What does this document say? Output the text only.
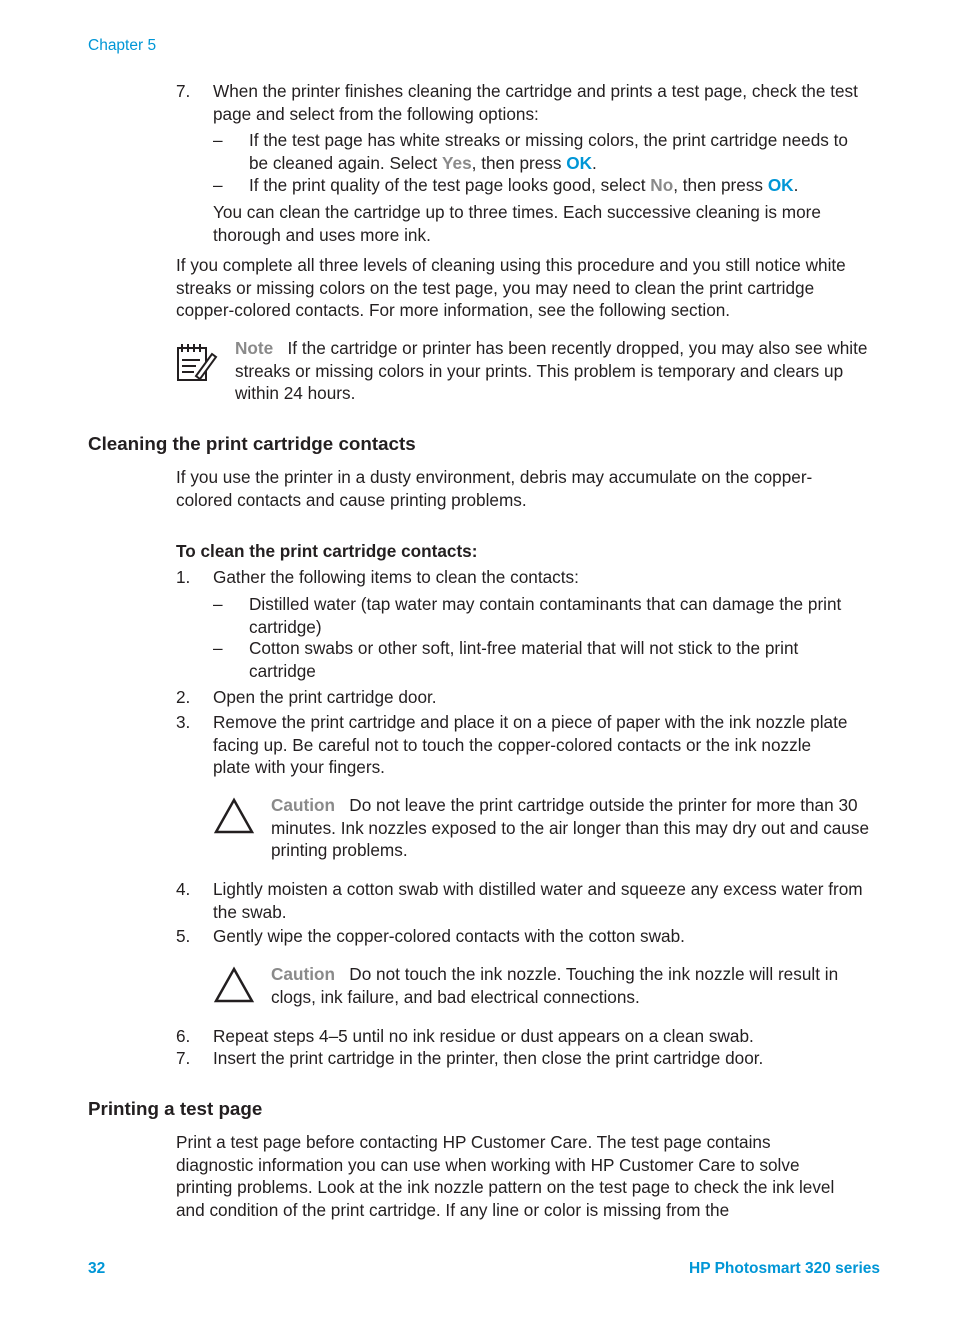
Chapter 5
7. When the printer finishes cleaning the cartridge and prints a test page, check the test page and select from the following options:
– If the test page has white streaks or missing colors, the print cartridge needs to be cleaned again. Select Yes, then press OK.
– If the print quality of the test page looks good, select No, then press OK.
You can clean the cartridge up to three times. Each successive cleaning is more thorough and uses more ink.
If you complete all three levels of cleaning using this procedure and you still notice white streaks or missing colors on the test page, you may need to clean the print cartridge copper-colored contacts. For more information, see the following section.
Note If the cartridge or printer has been recently dropped, you may also see white streaks or missing colors in your prints. This problem is temporary and clears up within 24 hours.
Cleaning the print cartridge contacts
If you use the printer in a dusty environment, debris may accumulate on the copper-colored contacts and cause printing problems.
To clean the print cartridge contacts:
1. Gather the following items to clean the contacts:
– Distilled water (tap water may contain contaminants that can damage the print cartridge)
– Cotton swabs or other soft, lint-free material that will not stick to the print cartridge
2. Open the print cartridge door.
3. Remove the print cartridge and place it on a piece of paper with the ink nozzle plate facing up. Be careful not to touch the copper-colored contacts or the ink nozzle plate with your fingers.
Caution Do not leave the print cartridge outside the printer for more than 30 minutes. Ink nozzles exposed to the air longer than this may dry out and cause printing problems.
4. Lightly moisten a cotton swab with distilled water and squeeze any excess water from the swab.
5. Gently wipe the copper-colored contacts with the cotton swab.
Caution Do not touch the ink nozzle. Touching the ink nozzle will result in clogs, ink failure, and bad electrical connections.
6. Repeat steps 4–5 until no ink residue or dust appears on a clean swab.
7. Insert the print cartridge in the printer, then close the print cartridge door.
Printing a test page
Print a test page before contacting HP Customer Care. The test page contains diagnostic information you can use when working with HP Customer Care to solve printing problems. Look at the ink nozzle pattern on the test page to check the ink level and condition of the print cartridge. If any line or color is missing from the
32	HP Photosmart 320 series
